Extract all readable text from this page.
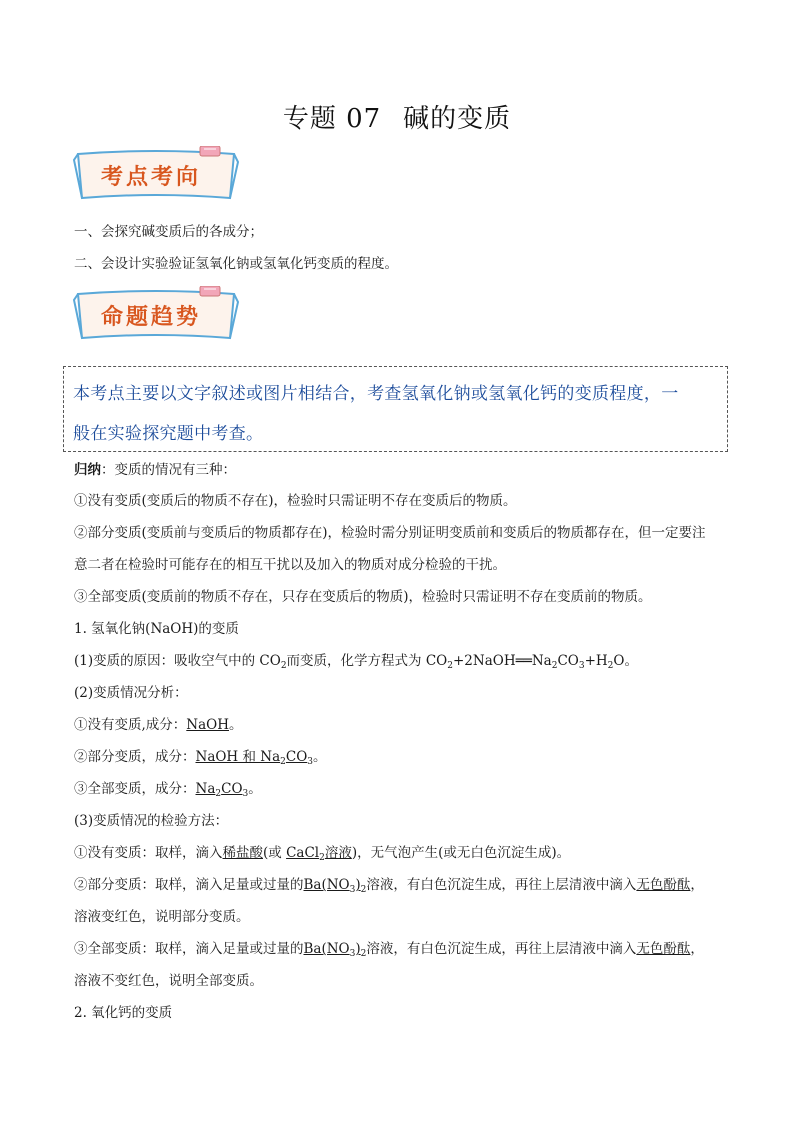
专题 07 碱的变质
考点考向
一、会探究碱变质后的各成分；
二、会设计实验验证氢氧化钠或氢氧化钙变质的程度。
命题趋势
本考点主要以文字叙述或图片相结合，考查氢氧化钠或氢氧化钙的变质程度，一
般在实验探究题中考查。
归纳：变质的情况有三种：
①没有变质(变质后的物质不存在)，检验时只需证明不存在变质后的物质。
②部分变质(变质前与变质后的物质都存在)，检验时需分别证明变质前和变质后的物质都存在，但一定要注
意二者在检验时可能存在的相互干扰以及加入的物质对成分检验的干扰。
③全部变质(变质前的物质不存在，只存在变质后的物质)，检验时只需证明不存在变质前的物质。
1. 氢氧化钠(NaOH)的变质
(1)变质的原因：吸收空气中的 $CO_2$而变质，化学方程式为 $CO_2+2NaOH══Na_2CO_3+H_2O$。
(2)变质情况分析：
①没有变质,成分：NaOH。
②部分变质，成分：NaOH 和 $Na_2CO_3$。
③全部变质，成分：$Na_2CO_3$。
(3)变质情况的检验方法：
①没有变质：取样，滴入稀盐酸(或 CaCl$_2$溶液)，无气泡产生(或无白色沉淀生成)。
②部分变质：取样，滴入足量或过量的$Ba(NO_3)_2$溶液，有白色沉淀生成，再往上层清液中滴入无色酚酞，
溶液变红色，说明部分变质。
③全部变质：取样，滴入足量或过量的$Ba(NO_3)_2$溶液，有白色沉淀生成，再往上层清液中滴入无色酚酞，
溶液不变红色，说明全部变质。
2. 氧化钙的变质
